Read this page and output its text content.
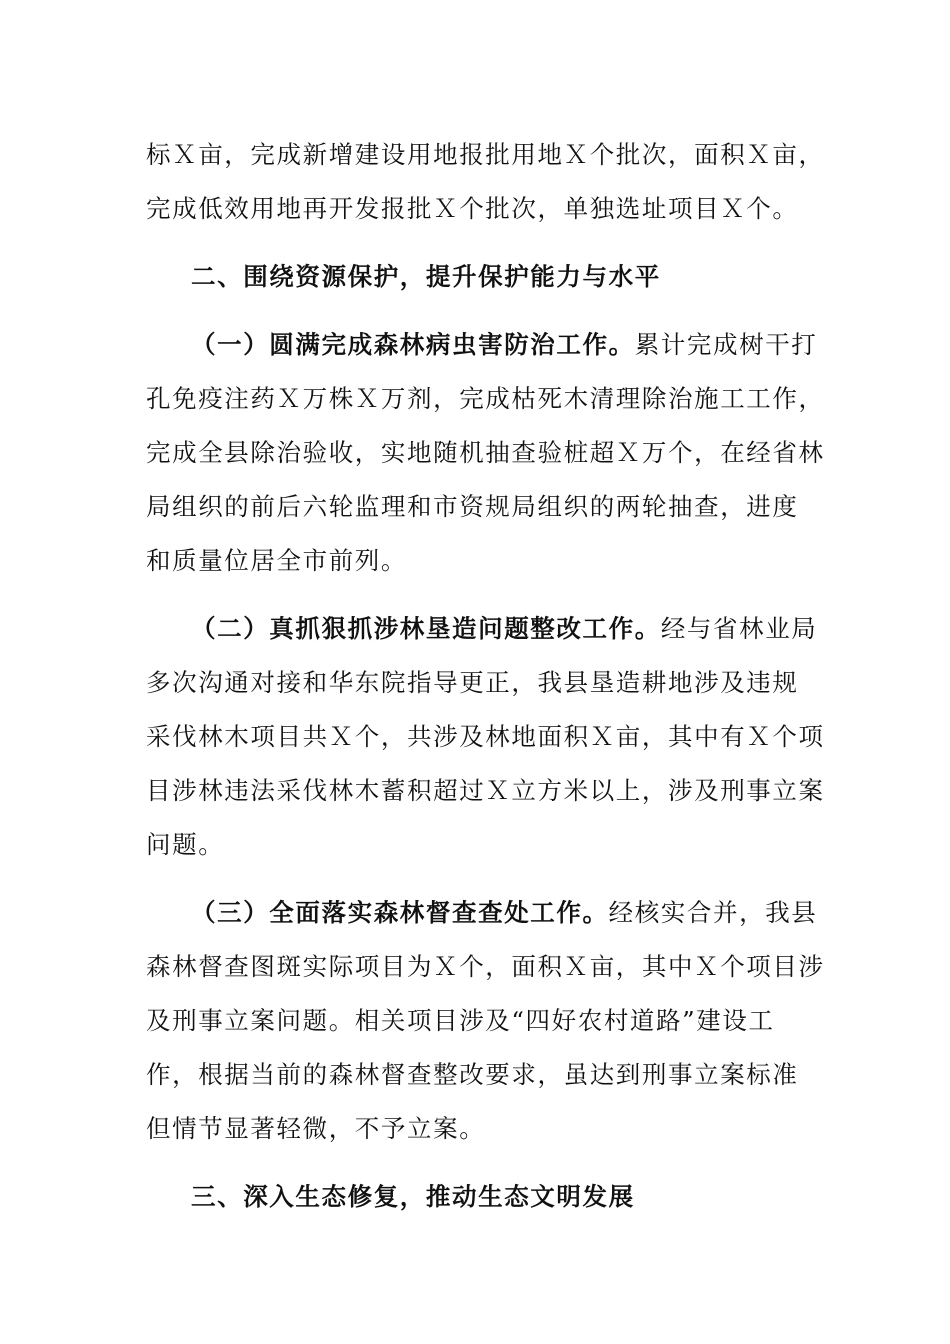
标Ｘ亩，完成新增建设用地报批用地Ｘ个批次，面积Ｘ亩，
完成低效用地再开发报批Ｘ个批次，单独选址项目Ｘ个。
二、围绕资源保护，提升保护能力与水平
（一）圆满完成森林病虫害防治工作。累计完成树干打
孔免疫注药Ｘ万株Ｘ万剂，完成枯死木清理除治施工工作，
完成全县除治验收，实地随机抽查验桩超Ｘ万个，在经省林
局组织的前后六轮监理和市资规局组织的两轮抽查，进度
和质量位居全市前列。
（二）真抓狠抓涉林垦造问题整改工作。经与省林业局
多次沟通对接和华东院指导更正，我县垦造耕地涉及违规
采伐林木项目共Ｘ个，共涉及林地面积Ｘ亩，其中有Ｘ个项
目涉林违法采伐林木蓄积超过Ｘ立方米以上，涉及刑事立案
问题。
（三）全面落实森林督查查处工作。经核实合并，我县
森林督查图斑实际项目为Ｘ个，面积Ｘ亩，其中Ｘ个项目涉
及刑事立案问题。相关项目涉及“四好农村道路”建设工
作，根据当前的森林督查整改要求，虽达到刑事立案标准
但情节显著轻微，不予立案。
三、深入生态修复，推动生态文明发展
